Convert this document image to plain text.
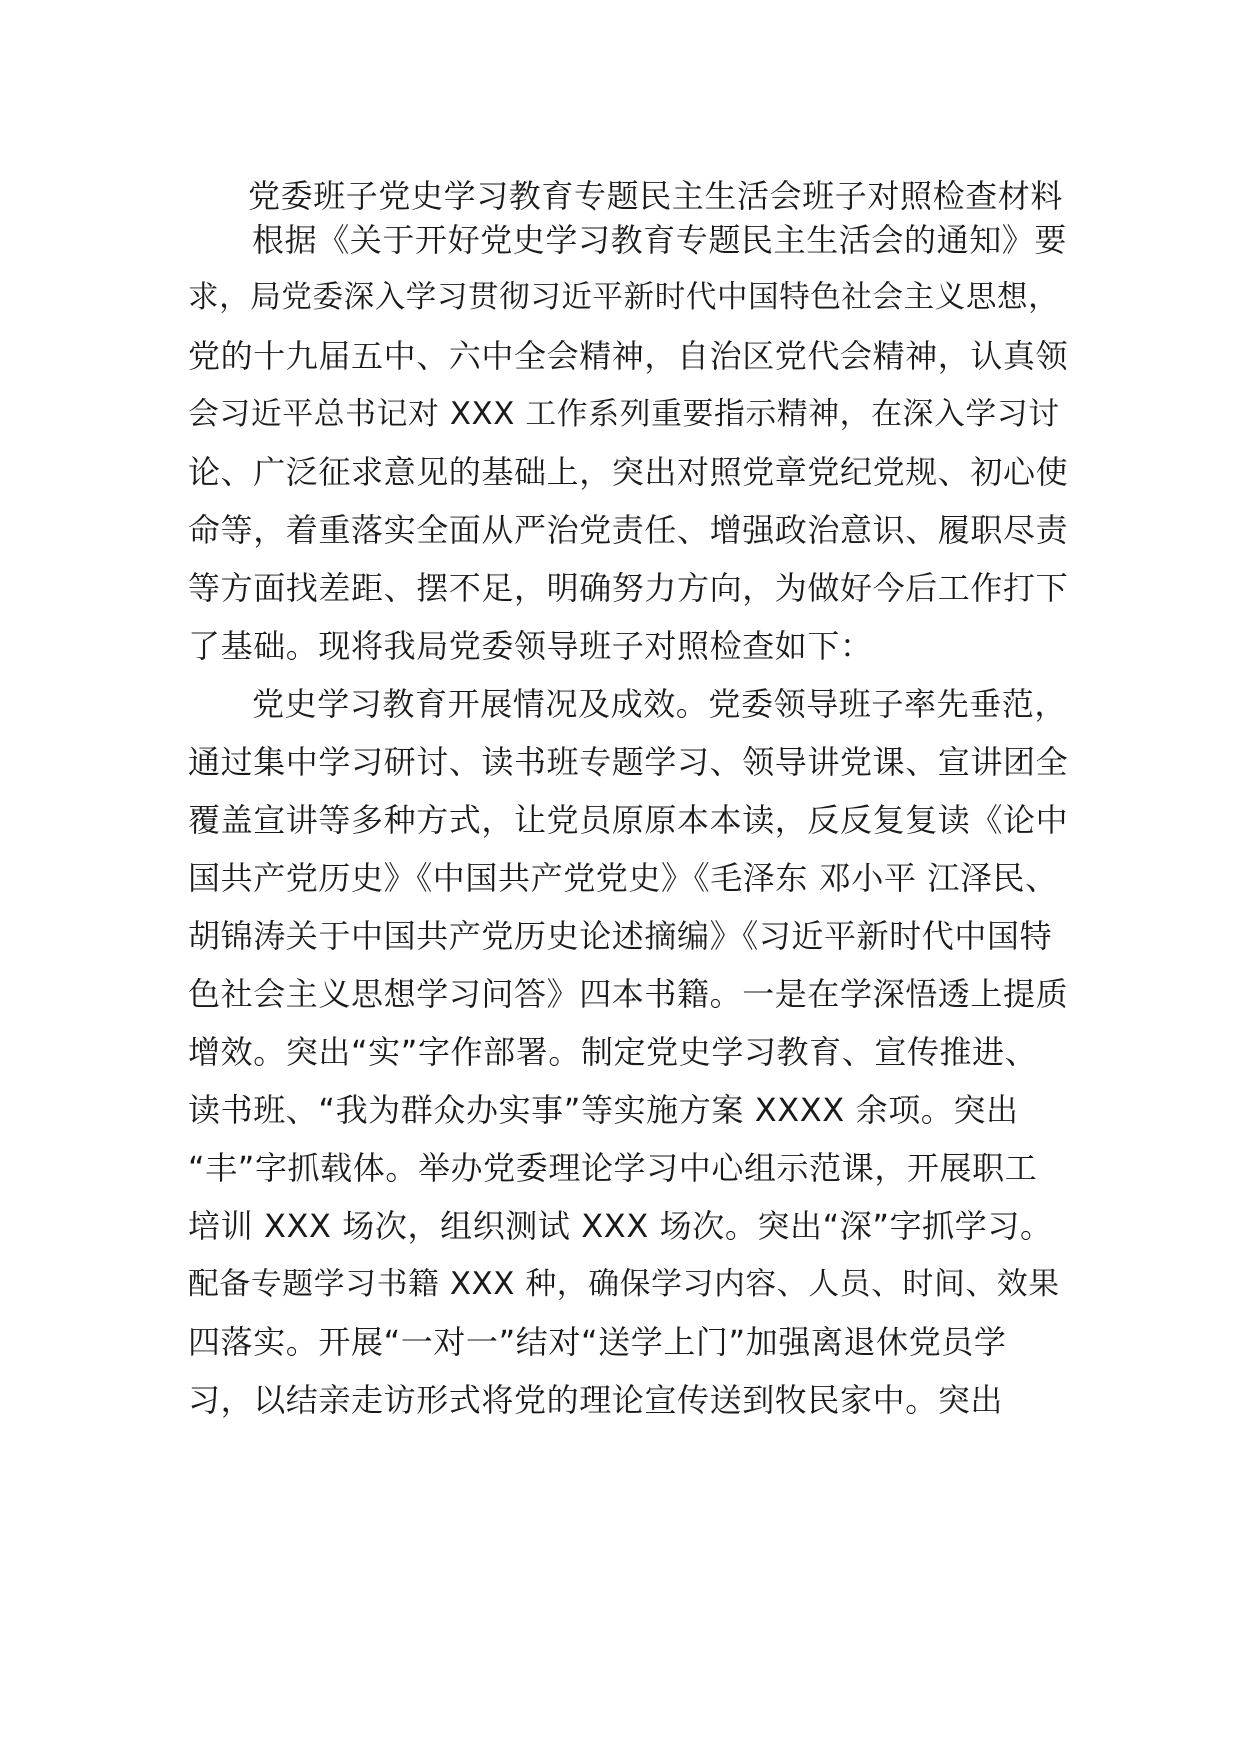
党委班子党史学习教育专题民主生活会班子对照检查材料
根据《关于开好党史学习教育专题民主生活会的通知》要
求，局党委深入学习贯彻习近平新时代中国特色社会主义思想，
党的十九届五中、六中全会精神，自治区党代会精神，认真领
会习近平总书记对 XXX 工作系列重要指示精神，在深入学习讨
论、广泛征求意见的基础上，突出对照党章党纪党规、初心使
命等，着重落实全面从严治党责任、增强政治意识、履职尽责
等方面找差距、摆不足，明确努力方向，为做好今后工作打下
了基础。现将我局党委领导班子对照检查如下：
党史学习教育开展情况及成效。党委领导班子率先垂范，
通过集中学习研讨、读书班专题学习、领导讲党课、宣讲团全
覆盖宣讲等多种方式，让党员原原本本读，反反复复读《论中
国共产党历史》《中国共产党党史》《毛泽东 邓小平 江泽民、
胡锦涛关于中国共产党历史论述摘编》《习近平新时代中国特
色社会主义思想学习问答》四本书籍。一是在学深悟透上提质
增效。突出“实”字作部署。制定党史学习教育、宣传推进、
读书班、“我为群众办实事”等实施方案 XXXX 余项。突出
“丰”字抓载体。举办党委理论学习中心组示范课，开展职工
培训 XXX 场次，组织测试 XXX 场次。突出“深”字抓学习。
配备专题学习书籍 XXX 种，确保学习内容、人员、时间、效果
四落实。开展“一对一”结对“送学上门”加强离退休党员学
习，以结亲走访形式将党的理论宣传送到牧民家中。突出
